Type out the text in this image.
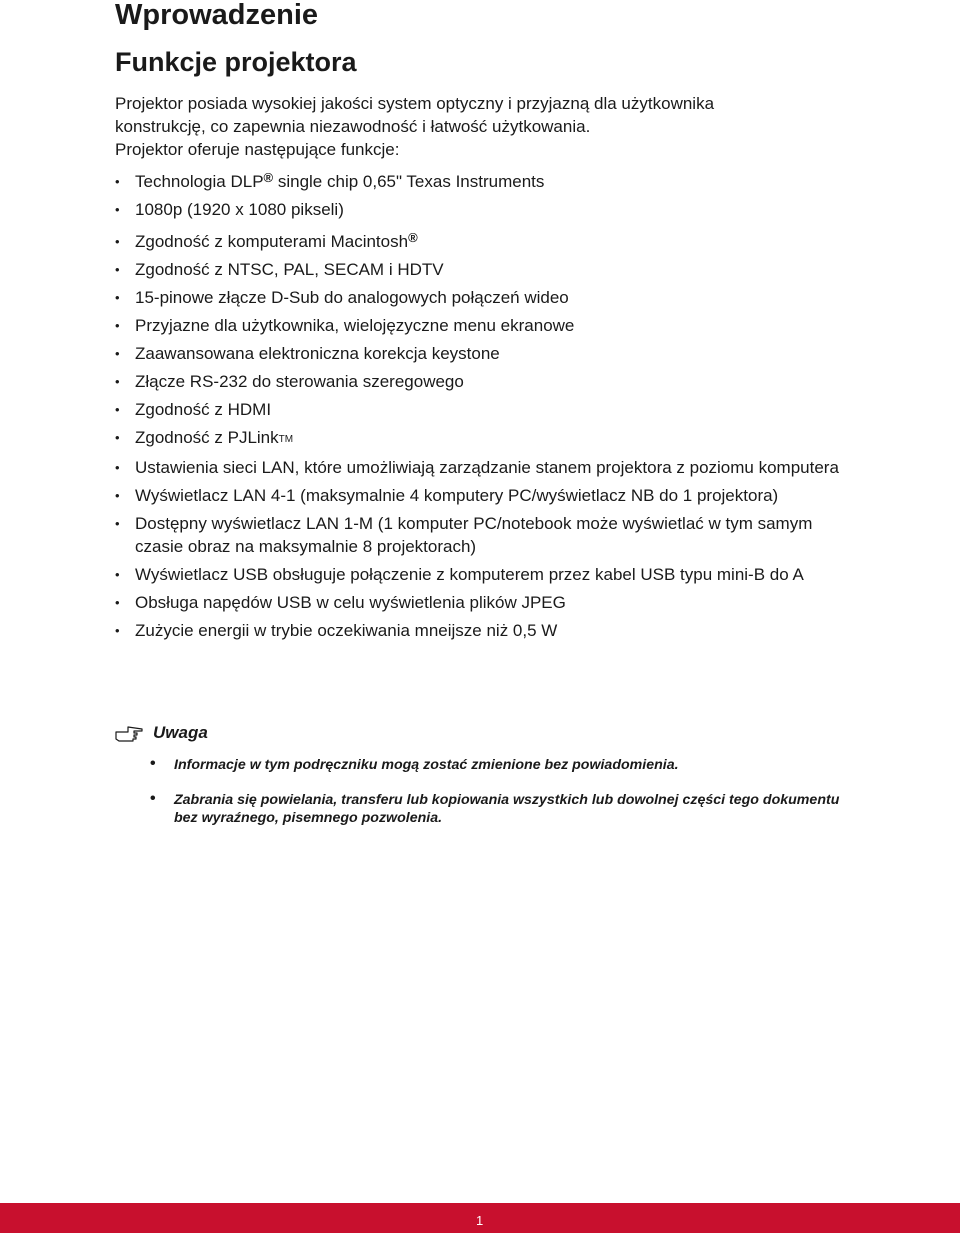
Wprowadzenie
Funkcje projektora

Projektor posiada wysokiej jakości system optyczny i przyjazną dla użytkownika
konstrukcję, co zapewnia niezawodność i łatwość użytkowania.

Projektor oferuje następujące funkcje:

• Technologia DLP® single chip 0,65" Texas Instruments
• 1080p (1920 x 1080 pikseli)
• Zgodność z komputerami Macintosh®
• Zgodność z NTSC, PAL, SECAM i HDTV
• 15-pinowe złącze D-Sub do analogowych połączeń wideo
• Przyjazne dla użytkownika, wielojęzyczne menu ekranowe
• Zaawansowana elektroniczna korekcja keystone
• Złącze RS-232 do sterowania szeregowego
• Zgodność z HDMI
• Zgodność z PJLinkTM
• Ustawienia sieci LAN, które umożliwiają zarządzanie stanem projektora z poziomu komputera
• Wyświetlacz LAN 4-1 (maksymalnie 4 komputery PC/wyświetlacz NB do 1 projektora)
• Dostępny wyświetlacz LAN 1-M (1 komputer PC/notebook może wyświetlać w tym samym czasie obraz na maksymalnie 8 projektorach)
• Wyświetlacz USB obsługuje połączenie z komputerem przez kabel USB typu mini-B do A
• Obsługa napędów USB w celu wyświetlenia plików JPEG
• Zużycie energii w trybie oczekiwania mneijsze niż 0,5 W
Uwaga
• Informacje w tym podręczniku mogą zostać zmienione bez powiadomienia.
• Zabrania się powielania, transferu lub kopiowania wszystkich lub dowolnej części tego dokumentu bez wyraźnego, pisemnego pozwolenia.
1
